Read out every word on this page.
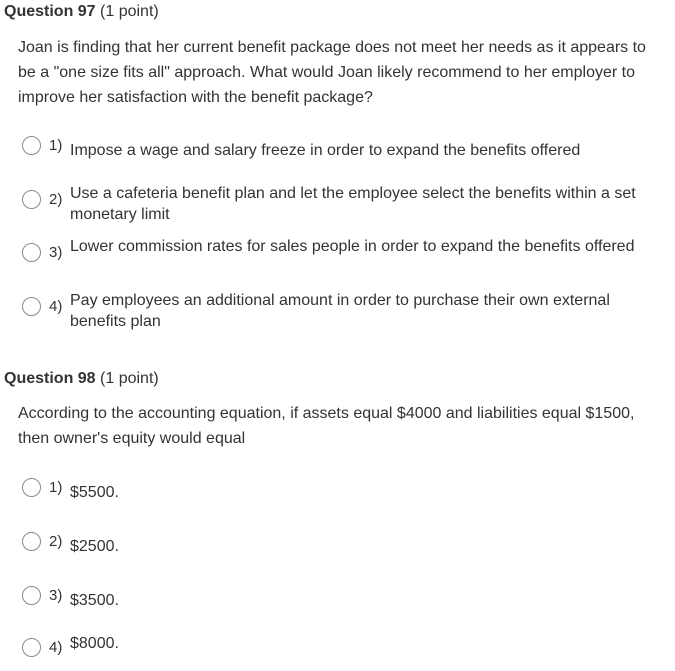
Question 97 (1 point)
Joan is finding that her current benefit package does not meet her needs as it appears to be a "one size fits all" approach. What would Joan likely recommend to her employer to improve her satisfaction with the benefit package?
1) Impose a wage and salary freeze in order to expand the benefits offered
2) Use a cafeteria benefit plan and let the employee select the benefits within a set monetary limit
3) Lower commission rates for sales people in order to expand the benefits offered
4) Pay employees an additional amount in order to purchase their own external benefits plan
Question 98 (1 point)
According to the accounting equation, if assets equal $4000 and liabilities equal $1500, then owner's equity would equal
1) $5500.
2) $2500.
3) $3500.
4) $8000.
